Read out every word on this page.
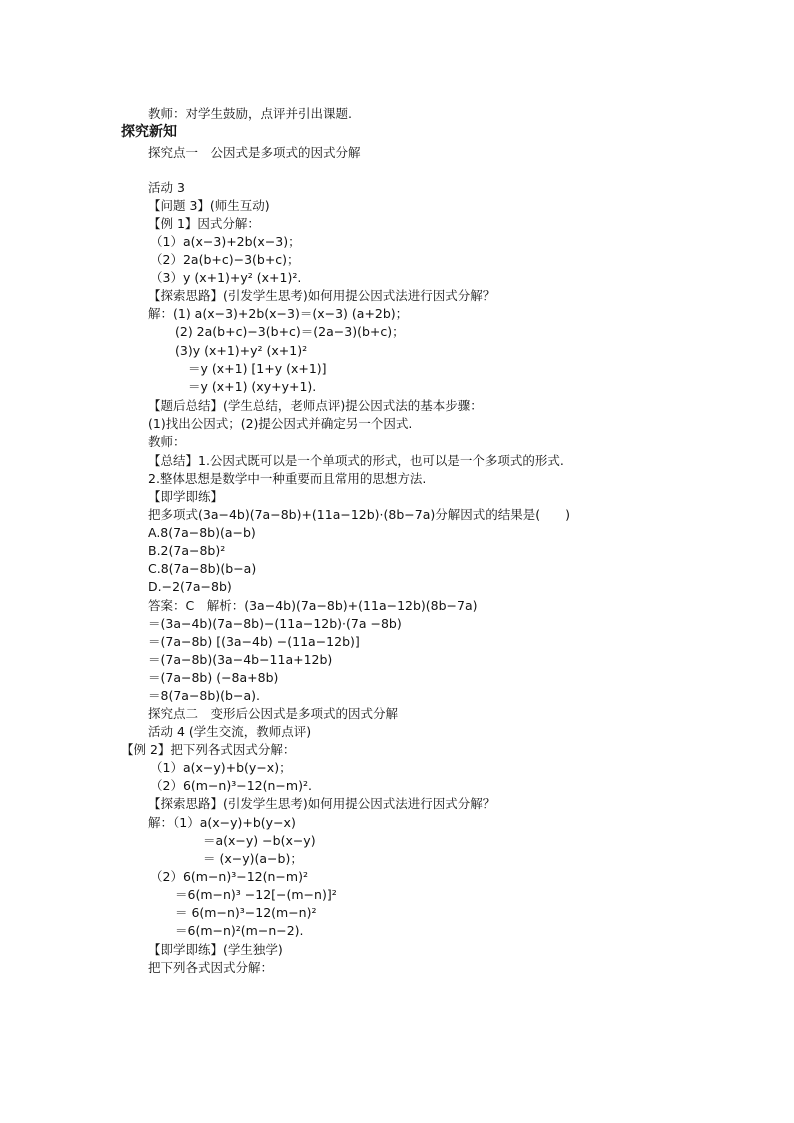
教师：对学生鼓励，点评并引出课题.
探究新知
探究点一　公因式是多项式的因式分解
活动 3
【问题 3】(师生互动)
【例 1】因式分解：
（1）a(x−3)+2b(x−3)；
（2）2a(b+c)−3(b+c)；
（3）y (x+1)+y² (x+1)².
【探索思路】(引发学生思考)如何用提公因式法进行因式分解？
解：(1) a(x−3)+2b(x−3)＝(x−3) (a+2b)；
(2) 2a(b+c)−3(b+c)＝(2a−3)(b+c)；
(3)y (x+1)+y² (x+1)²
＝y (x+1) [1+y (x+1)]
＝y (x+1) (xy+y+1).
【题后总结】(学生总结，老师点评)提公因式法的基本步骤：
(1)找出公因式；(2)提公因式并确定另一个因式.
教师：
【总结】1.公因式既可以是一个单项式的形式，也可以是一个多项式的形式.
2.整体思想是数学中一种重要而且常用的思想方法.
【即学即练】
把多项式(3a−4b)(7a−8b)+(11a−12b)·(8b−7a)分解因式的结果是(　　)
A.8(7a−8b)(a−b)
B.2(7a−8b)²
C.8(7a−8b)(b−a)
D.−2(7a−8b)
答案：C　解析：(3a−4b)(7a−8b)+(11a−12b)(8b−7a)
＝(3a−4b)(7a−8b)−(11a−12b)·(7a −8b)
＝(7a−8b) [(3a−4b) −(11a−12b)]
＝(7a−8b)(3a−4b−11a+12b)
＝(7a−8b) (−8a+8b)
＝8(7a−8b)(b−a).
探究点二　变形后公因式是多项式的因式分解
活动 4 (学生交流，教师点评)
【例 2】把下列各式因式分解：
（1）a(x−y)+b(y−x)；
（2）6(m−n)³−12(n−m)².
【探索思路】(引发学生思考)如何用提公因式法进行因式分解？
解：（1）a(x−y)+b(y−x)
＝a(x−y) −b(x−y)
＝ (x−y)(a−b)；
（2）6(m−n)³−12(n−m)²
＝6(m−n)³ −12[−(m−n)]²
＝ 6(m−n)³−12(m−n)²
＝6(m−n)²(m−n−2).
【即学即练】(学生独学)
把下列各式因式分解：
